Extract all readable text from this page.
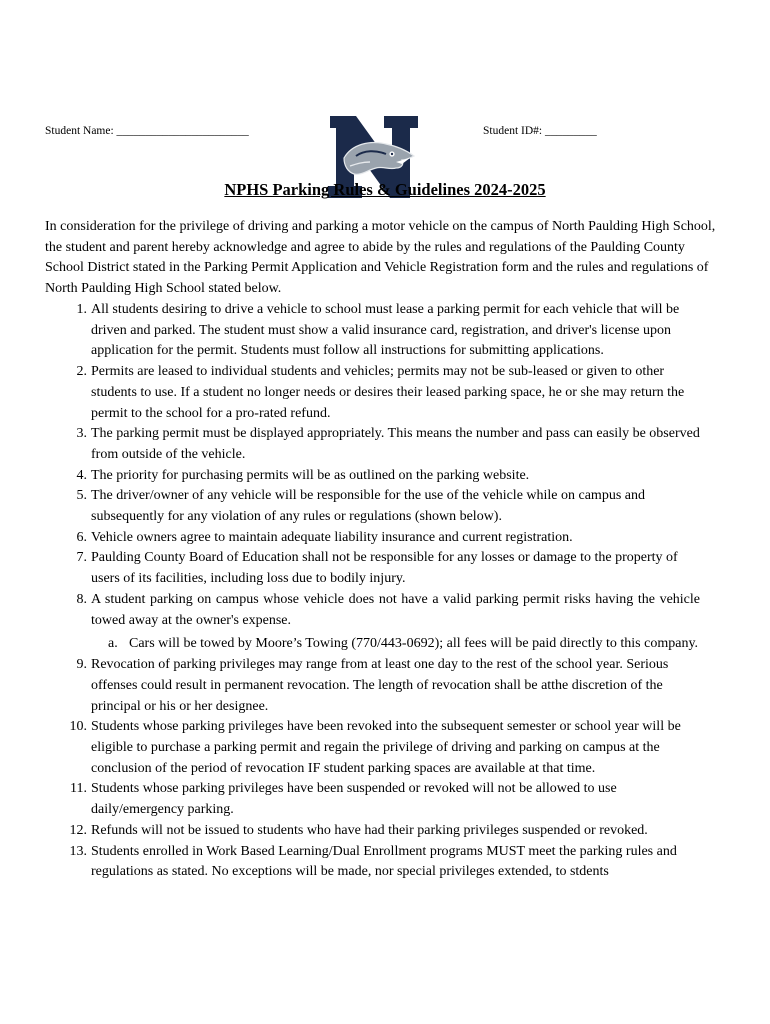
Student Name: _______________________	Student ID#: _________
NPHS Parking Rules & Guidelines 2024-2025
In consideration for the privilege of driving and parking a motor vehicle on the campus of North Paulding High School, the student and parent hereby acknowledge and agree to abide by the rules and regulations of the Paulding County School District stated in the Parking Permit Application and Vehicle Registration form and the rules and regulations of North Paulding High School stated below.
1. All students desiring to drive a vehicle to school must lease a parking permit for each vehicle that will be driven and parked. The student must show a valid insurance card, registration, and driver's license upon application for the permit. Students must follow all instructions for submitting applications.
2. Permits are leased to individual students and vehicles; permits may not be sub-leased or given to other students to use. If a student no longer needs or desires their leased parking space, he or she may return the permit to the school for a pro-rated refund.
3. The parking permit must be displayed appropriately. This means the number and pass can easily be observed from outside of the vehicle.
4. The priority for purchasing permits will be as outlined on the parking website.
5. The driver/owner of any vehicle will be responsible for the use of the vehicle while on campus and subsequently for any violation of any rules or regulations (shown below).
6. Vehicle owners agree to maintain adequate liability insurance and current registration.
7. Paulding County Board of Education shall not be responsible for any losses or damage to the property of users of its facilities, including loss due to bodily injury.
8. A student parking on campus whose vehicle does not have a valid parking permit risks having the vehicle towed away at the owner's expense.
a. Cars will be towed by Moore’s Towing (770/443-0692); all fees will be paid directly to this company.
9. Revocation of parking privileges may range from at least one day to the rest of the school year. Serious offenses could result in permanent revocation. The length of revocation shall be atthe discretion of the principal or his or her designee.
10. Students whose parking privileges have been revoked into the subsequent semester or school year will be eligible to purchase a parking permit and regain the privilege of driving and parking on campus at the conclusion of the period of revocation IF student parking spaces are available at that time.
11. Students whose parking privileges have been suspended or revoked will not be allowed to use daily/emergency parking.
12. Refunds will not be issued to students who have had their parking privileges suspended or revoked.
13. Students enrolled in Work Based Learning/Dual Enrollment programs MUST meet the parking rules and regulations as stated. No exceptions will be made, nor special privileges extended, to stdents
